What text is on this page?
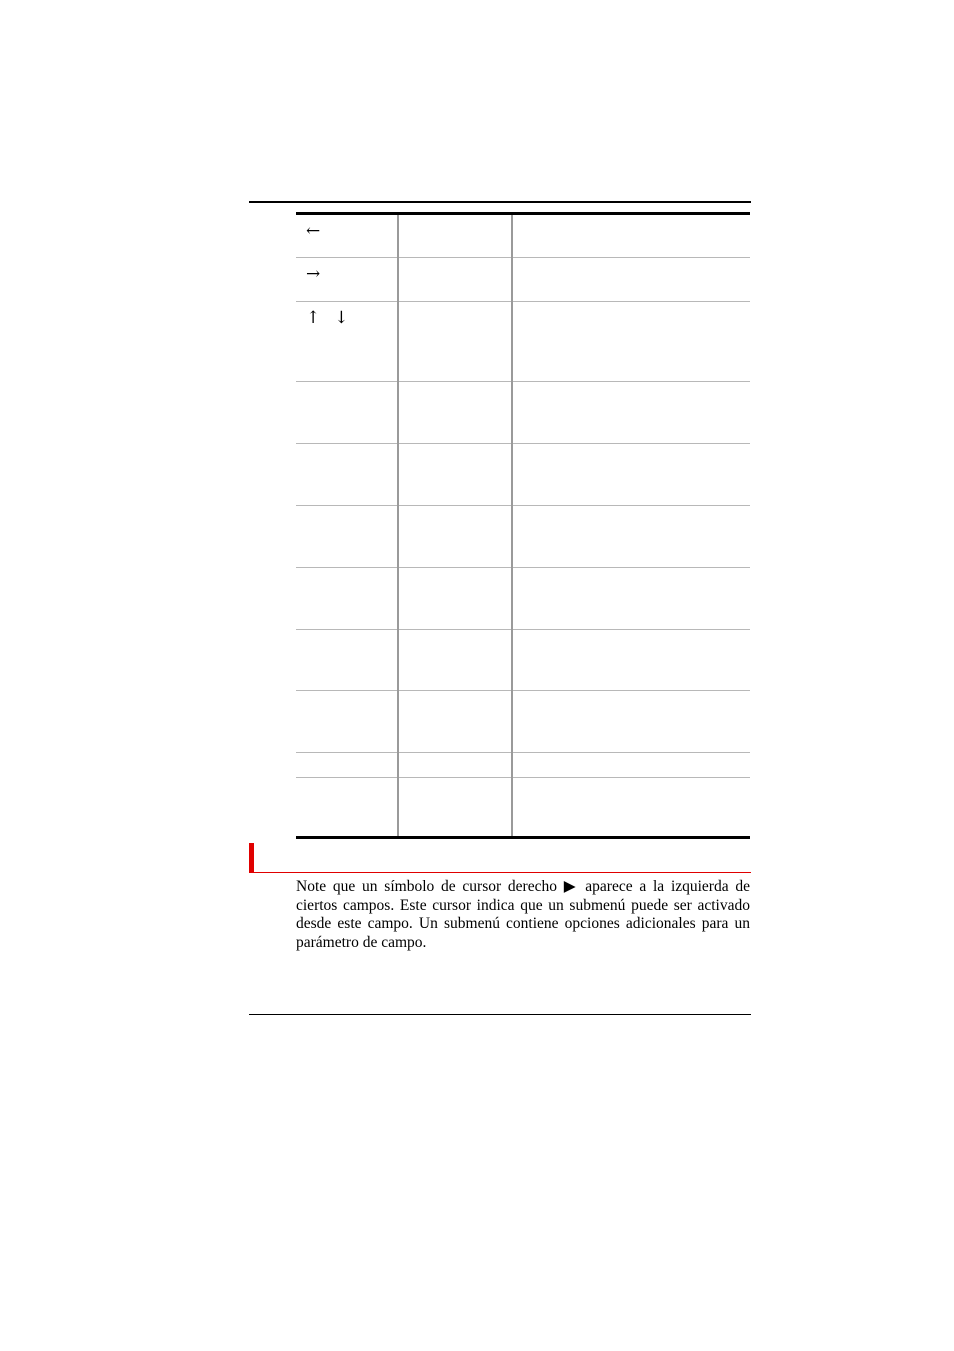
←		
→		
↑ ↓		

Note que un símbolo de cursor derecho ▶ aparece a la izquierda de ciertos campos. Este cursor indica que un submenú puede ser activado desde este campo. Un submenú contiene opciones adicionales para un parámetro de campo.
